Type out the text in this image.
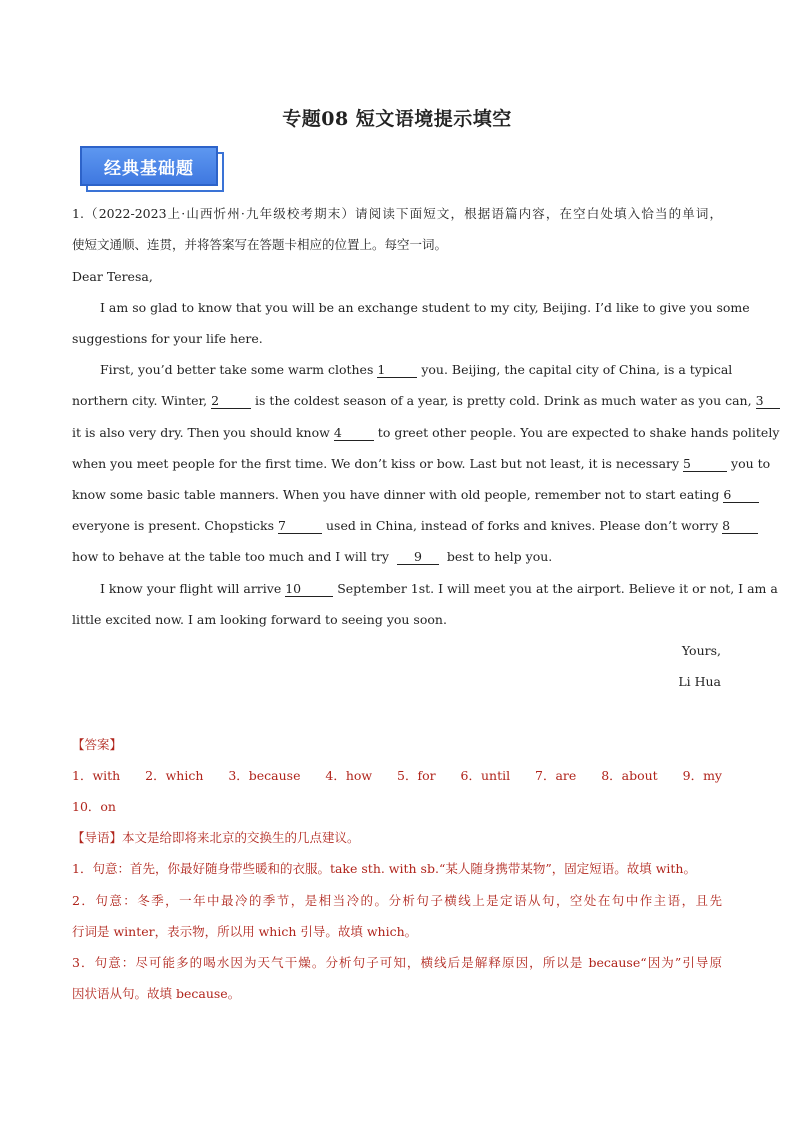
专题08 短文语境提示填空
经典基础题
1.（2022-2023上·山西忻州·九年级校考期末）请阅读下面短文，根据语篇内容，在空白处填入恰当的单词，
使短文通顺、连贯，并将答案写在答题卡相应的位置上。每空一词。
Dear Teresa,
I am so glad to know that you will be an exchange student to my city, Beijing. I’d like to give you some
suggestions for your life here.
First, you’d better take some warm clothes 1	you. Beijing, the capital city of China, is a typical
northern city. Winter, 2	is the coldest season of a year, is pretty cold. Drink as much water as you can, 3
it is also very dry. Then you should know 4	to greet other people. You are expected to shake hands politely
when you meet people for the first time. We don’t kiss or bow. Last but not least, it is necessary 5	you to
know some basic table manners. When you have dinner with old people, remember not to start eating 6
everyone is present. Chopsticks 7	used in China, instead of forks and knives. Please don’t worry 8
how to behave at the table too much and I will try 9 best to help you.
I know your flight will arrive 10	September 1st. I will meet you at the airport. Believe it or not, I am a
little excited now. I am looking forward to seeing you soon.
Yours,
Li Hua
【答案】
1．with 2．which 3．because 4．how 5．for 6．until 7．are 8．about 9．my
10．on
【导语】本文是给即将来北京的交换生的几点建议。
1．句意：首先，你最好随身带些暖和的衣服。take sth. with sb.“某人随身携带某物”，固定短语。故填 with。
2．句意：冬季，一年中最冷的季节，是相当冷的。分析句子横线上是定语从句，空处在句中作主语，且先
行词是 winter，表示物，所以用 which 引导。故填 which。
3．句意：尽可能多的喝水因为天气干燥。分析句子可知，横线后是解释原因，所以是 because“因为”引导原
因状语从句。故填 because。
